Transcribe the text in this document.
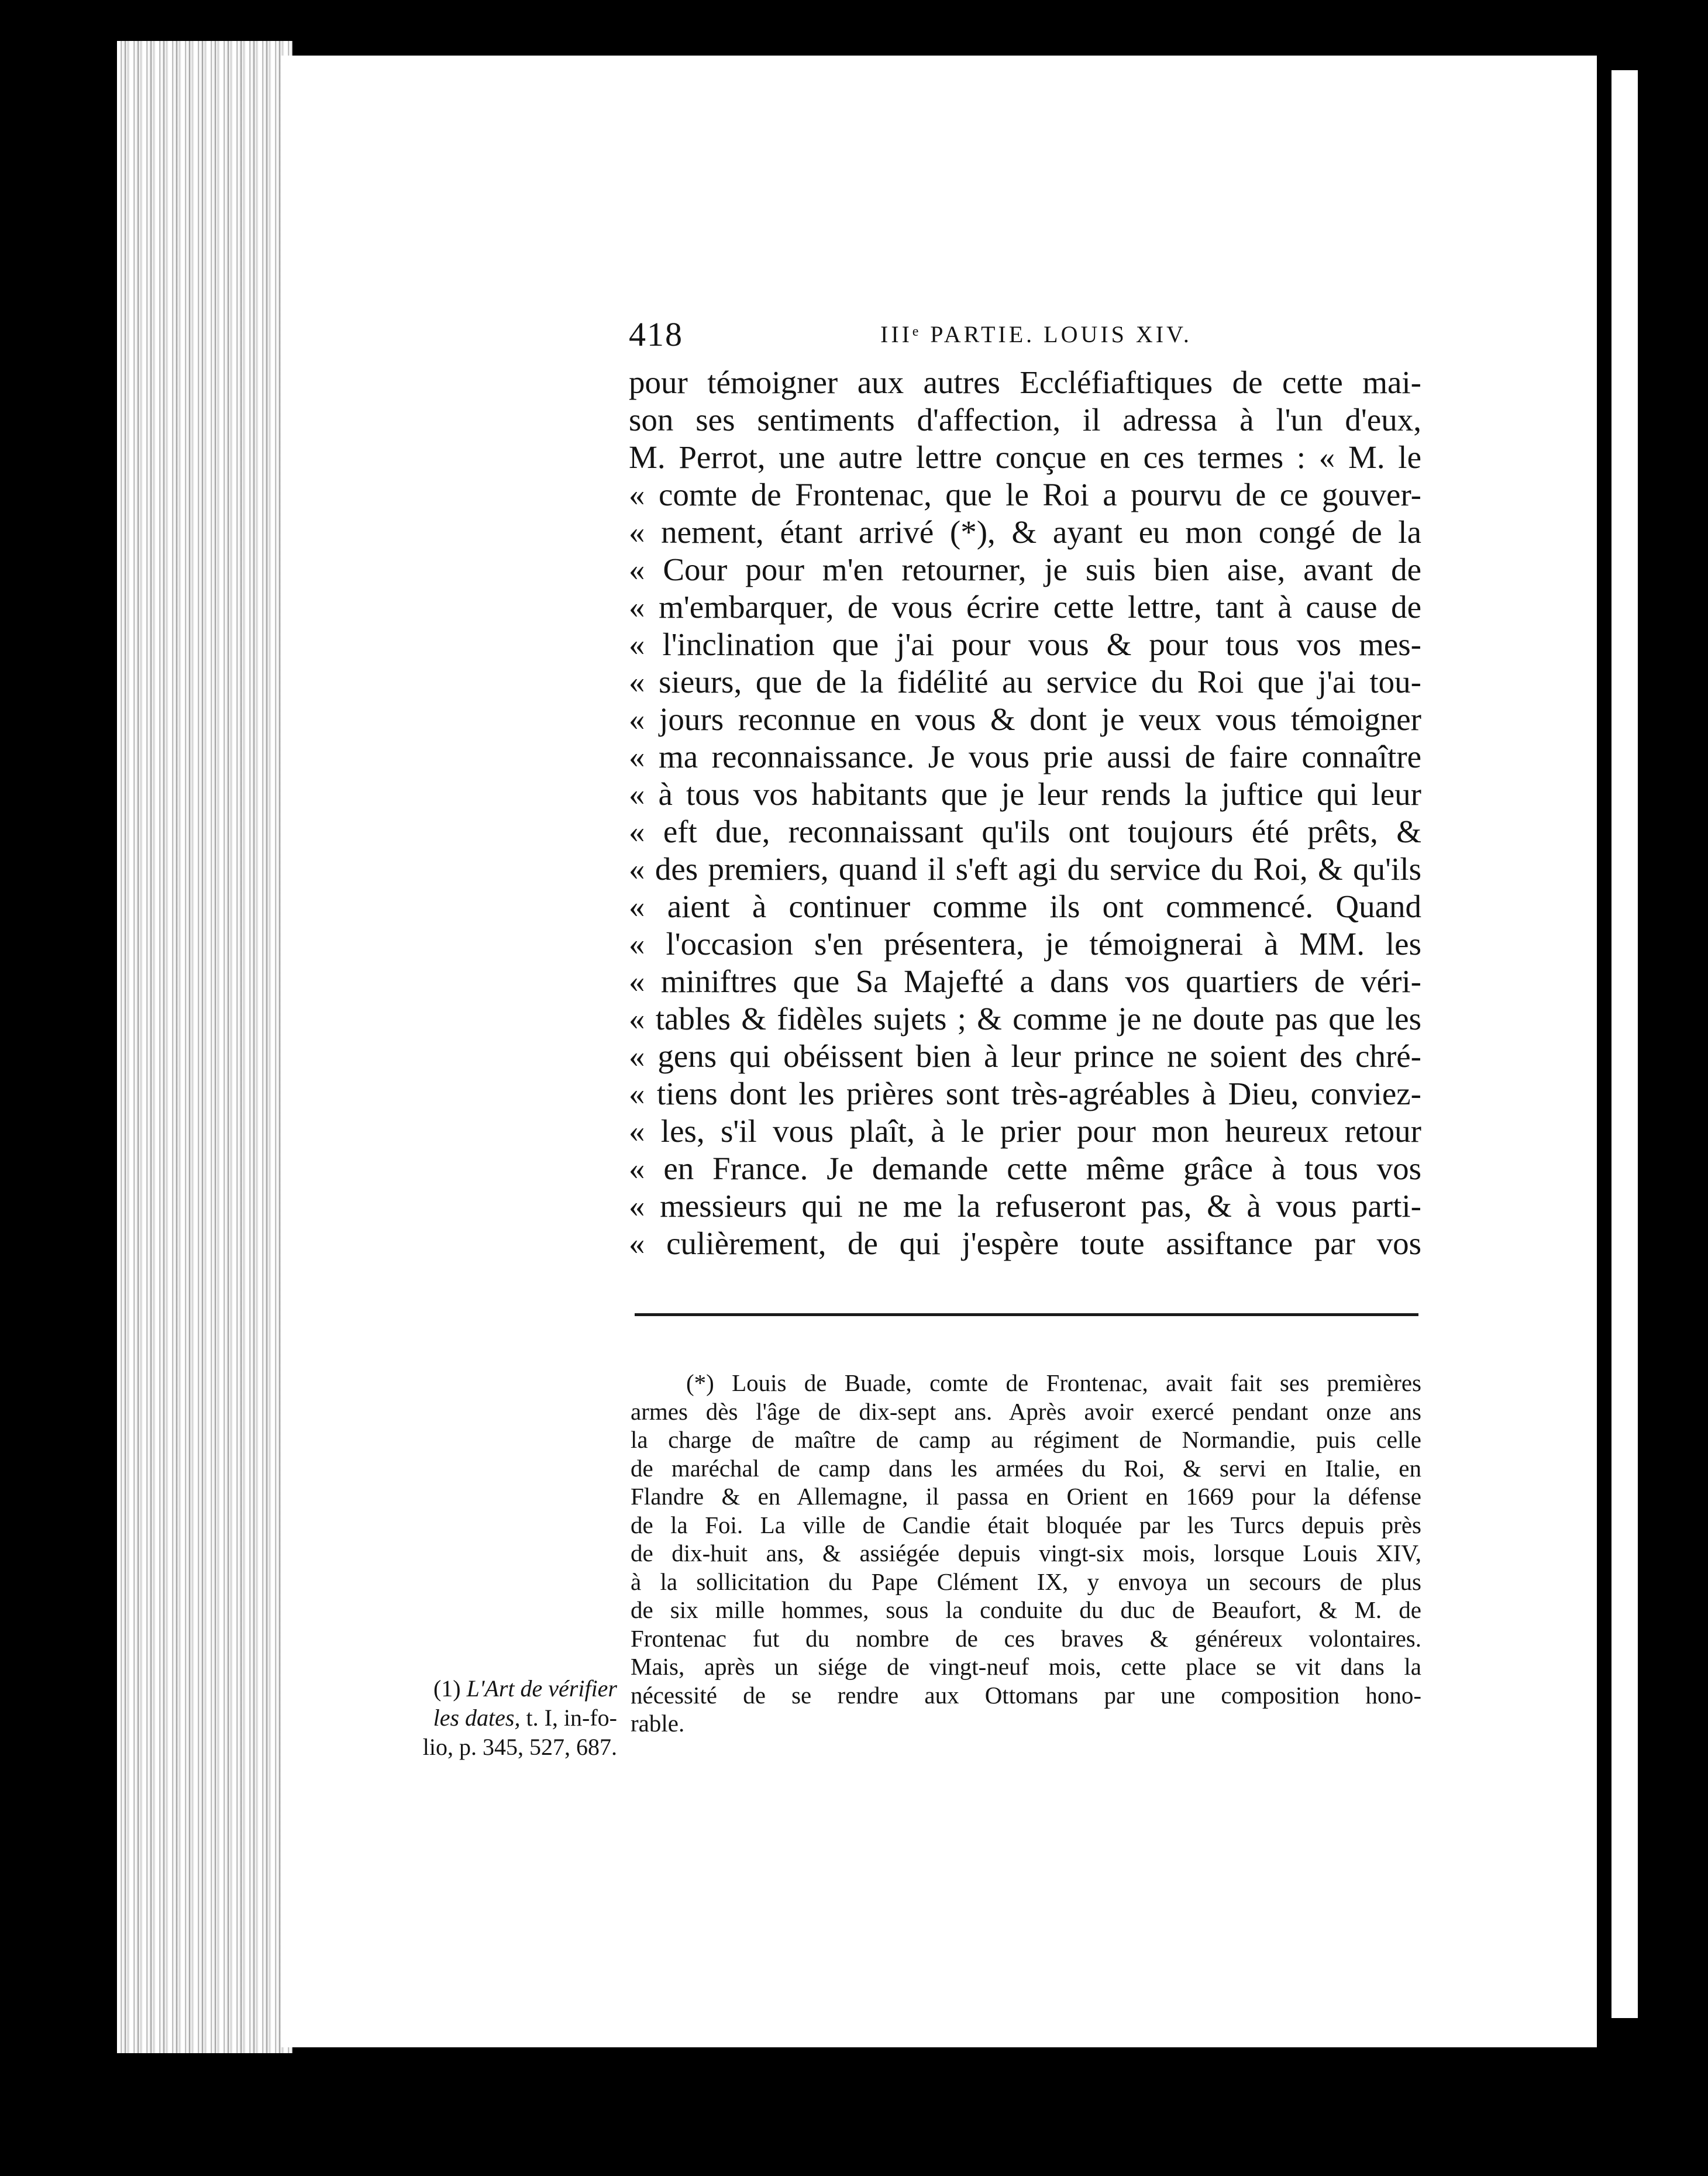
418	IIIᵉ PARTIE. LOUIS XIV.
pour témoigner aux autres Eccléfiaftiques de cette mai-
son ses sentiments d'affection, il adressa à l'un d'eux,
M. Perrot, une autre lettre conçue en ces termes : « M. le
« comte de Frontenac, que le Roi a pourvu de ce gouver-
« nement, étant arrivé (*), & ayant eu mon congé de la
« Cour pour m'en retourner, je suis bien aise, avant de
« m'embarquer, de vous écrire cette lettre, tant à cause de
« l'inclination que j'ai pour vous & pour tous vos mes-
« sieurs, que de la fidélité au service du Roi que j'ai tou-
« jours reconnue en vous & dont je veux vous témoigner
« ma reconnaissance. Je vous prie aussi de faire connaître
« à tous vos habitants que je leur rends la juftice qui leur
« eft due, reconnaissant qu'ils ont toujours été prêts, &
« des premiers, quand il s'eft agi du service du Roi, & qu'ils
« aient à continuer comme ils ont commencé. Quand
« l'occasion s'en présentera, je témoignerai à MM. les
« miniftres que Sa Majefté a dans vos quartiers de véri-
« tables & fidèles sujets ; & comme je ne doute pas que les
« gens qui obéissent bien à leur prince ne soient des chré-
« tiens dont les prières sont très-agréables à Dieu, conviez-
« les, s'il vous plaît, à le prier pour mon heureux retour
« en France. Je demande cette même grâce à tous vos
« messieurs qui ne me la refuseront pas, & à vous parti-
« culièrement, de qui j'espère toute assiftance par vos
(*) Louis de Buade, comte de Frontenac, avait fait ses premières
armes dès l'âge de dix-sept ans. Après avoir exercé pendant onze ans
la charge de maître de camp au régiment de Normandie, puis celle
de maréchal de camp dans les armées du Roi, & servi en Italie, en
Flandre & en Allemagne, il passa en Orient en 1669 pour la défense
de la Foi. La ville de Candie était bloquée par les Turcs depuis près
de dix-huit ans, & assiégée depuis vingt-six mois, lorsque Louis XIV,
à la sollicitation du Pape Clément IX, y envoya un secours de plus
de six mille hommes, sous la conduite du duc de Beaufort, & M. de
Frontenac fut du nombre de ces braves & généreux volontaires.
Mais, après un siége de vingt-neuf mois, cette place se vit dans la
nécessité de se rendre aux Ottomans par une composition hono-
rable.
(1) L'Art de vérifier
les dates, t. I, in-fo-
lio, p. 345, 527, 687.
